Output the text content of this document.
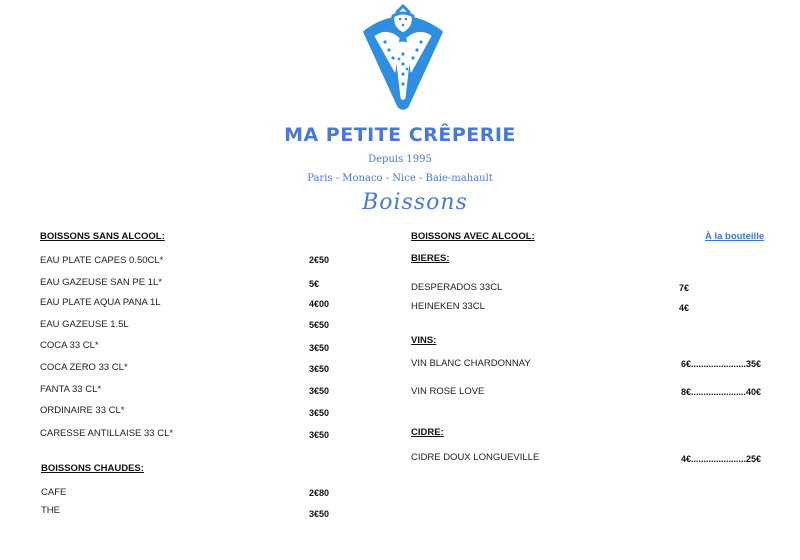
MA PETITE CRÊPERIE
Depuis 1995
Paris - Monaco - Nice - Baie-mahault
Boissons
BOISSONS SANS ALCOOL:
EAU PLATE CAPES 0.50CL*	2€50
EAU GAZEUSE SAN PE 1L*	5€
EAU PLATE AQUA PANA 1L	4€00
EAU GAZEUSE 1.5L	5€50
COCA 33 CL*	3€50
COCA ZERO 33 CL*	3€50
FANTA 33 CL*	3€50
ORDINAIRE 33 CL*	3€50
CARESSE ANTILLAISE 33 CL*	3€50
BOISSONS CHAUDES:
CAFE	2€80
THE	3€50
BOISSONS AVEC ALCOOL:	À la bouteille
BIERES:
DESPERADOS 33CL	7€
HEINEKEN 33CL	4€
VINS:
VIN BLANC CHARDONNAY	6€......................35€
VIN ROSE LOVE	8€......................40€
CIDRE:
CIDRE DOUX LONGUEVILLE	4€......................25€
